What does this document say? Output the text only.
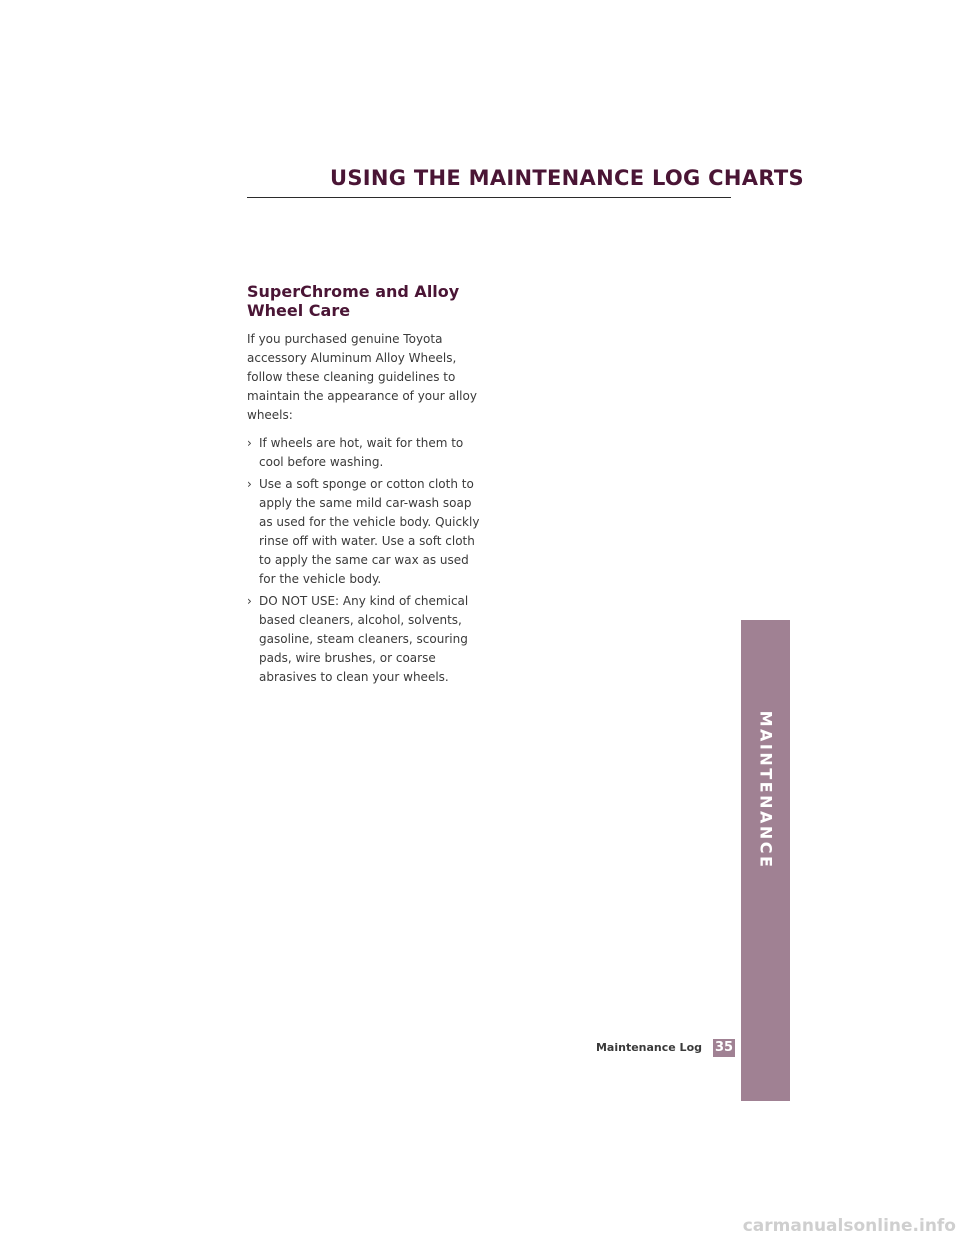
USING THE MAINTENANCE LOG CHARTS
SuperChrome and Alloy Wheel Care

If you purchased genuine Toyota accessory Aluminum Alloy Wheels, follow these cleaning guidelines to maintain the appearance of your alloy wheels:

› If wheels are hot, wait for them to cool before washing.
› Use a soft sponge or cotton cloth to apply the same mild car-wash soap as used for the vehicle body. Quickly rinse off with water. Use a soft cloth to apply the same car wax as used for the vehicle body.
› DO NOT USE: Any kind of chemical based cleaners, alcohol, solvents, gasoline, steam cleaners, scouring pads, wire brushes, or coarse abrasives to clean your wheels.
MAINTENANCE
Maintenance Log 35
carmanualsonline.info
